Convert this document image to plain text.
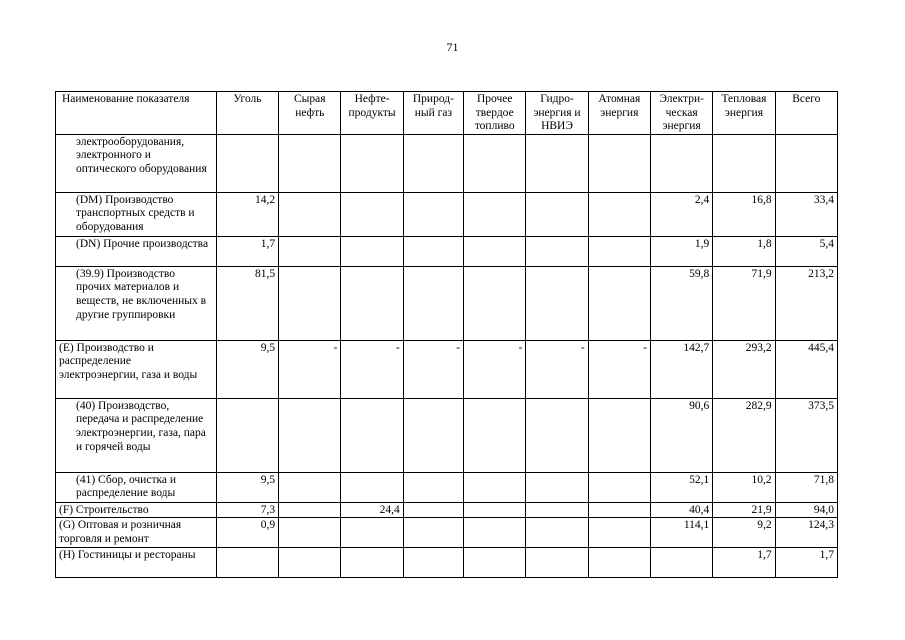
71
Наименование показателя	Уголь	Сырая нефть	Нефте-продукты	Природ-ный газ	Прочее твердое топливо	Гидро-энергия и НВИЭ	Атомная энергия	Электри-ческая энергия	Тепловая энергия	Всего
электрооборудования, электронного и оптического оборудования										
(DM) Производство транспортных средств и оборудования	14,2							2,4	16,8	33,4
(DN) Прочие производства	1,7							1,9	1,8	5,4
(39.9) Производство прочих материалов и веществ, не включенных в другие группировки	81,5							59,8	71,9	213,2
(E) Производство и распределение электроэнергии, газа и воды	9,5	-	-	-	-	-	-	142,7	293,2	445,4
(40) Производство, передача и распределение электроэнергии, газа, пара и горячей воды								90,6	282,9	373,5
(41) Сбор, очистка и распределение воды	9,5							52,1	10,2	71,8
(F) Строительство	7,3		24,4					40,4	21,9	94,0
(G) Оптовая и розничная торговля и ремонт	0,9							114,1	9,2	124,3
(H) Гостиницы и рестораны									1,7	1,7
